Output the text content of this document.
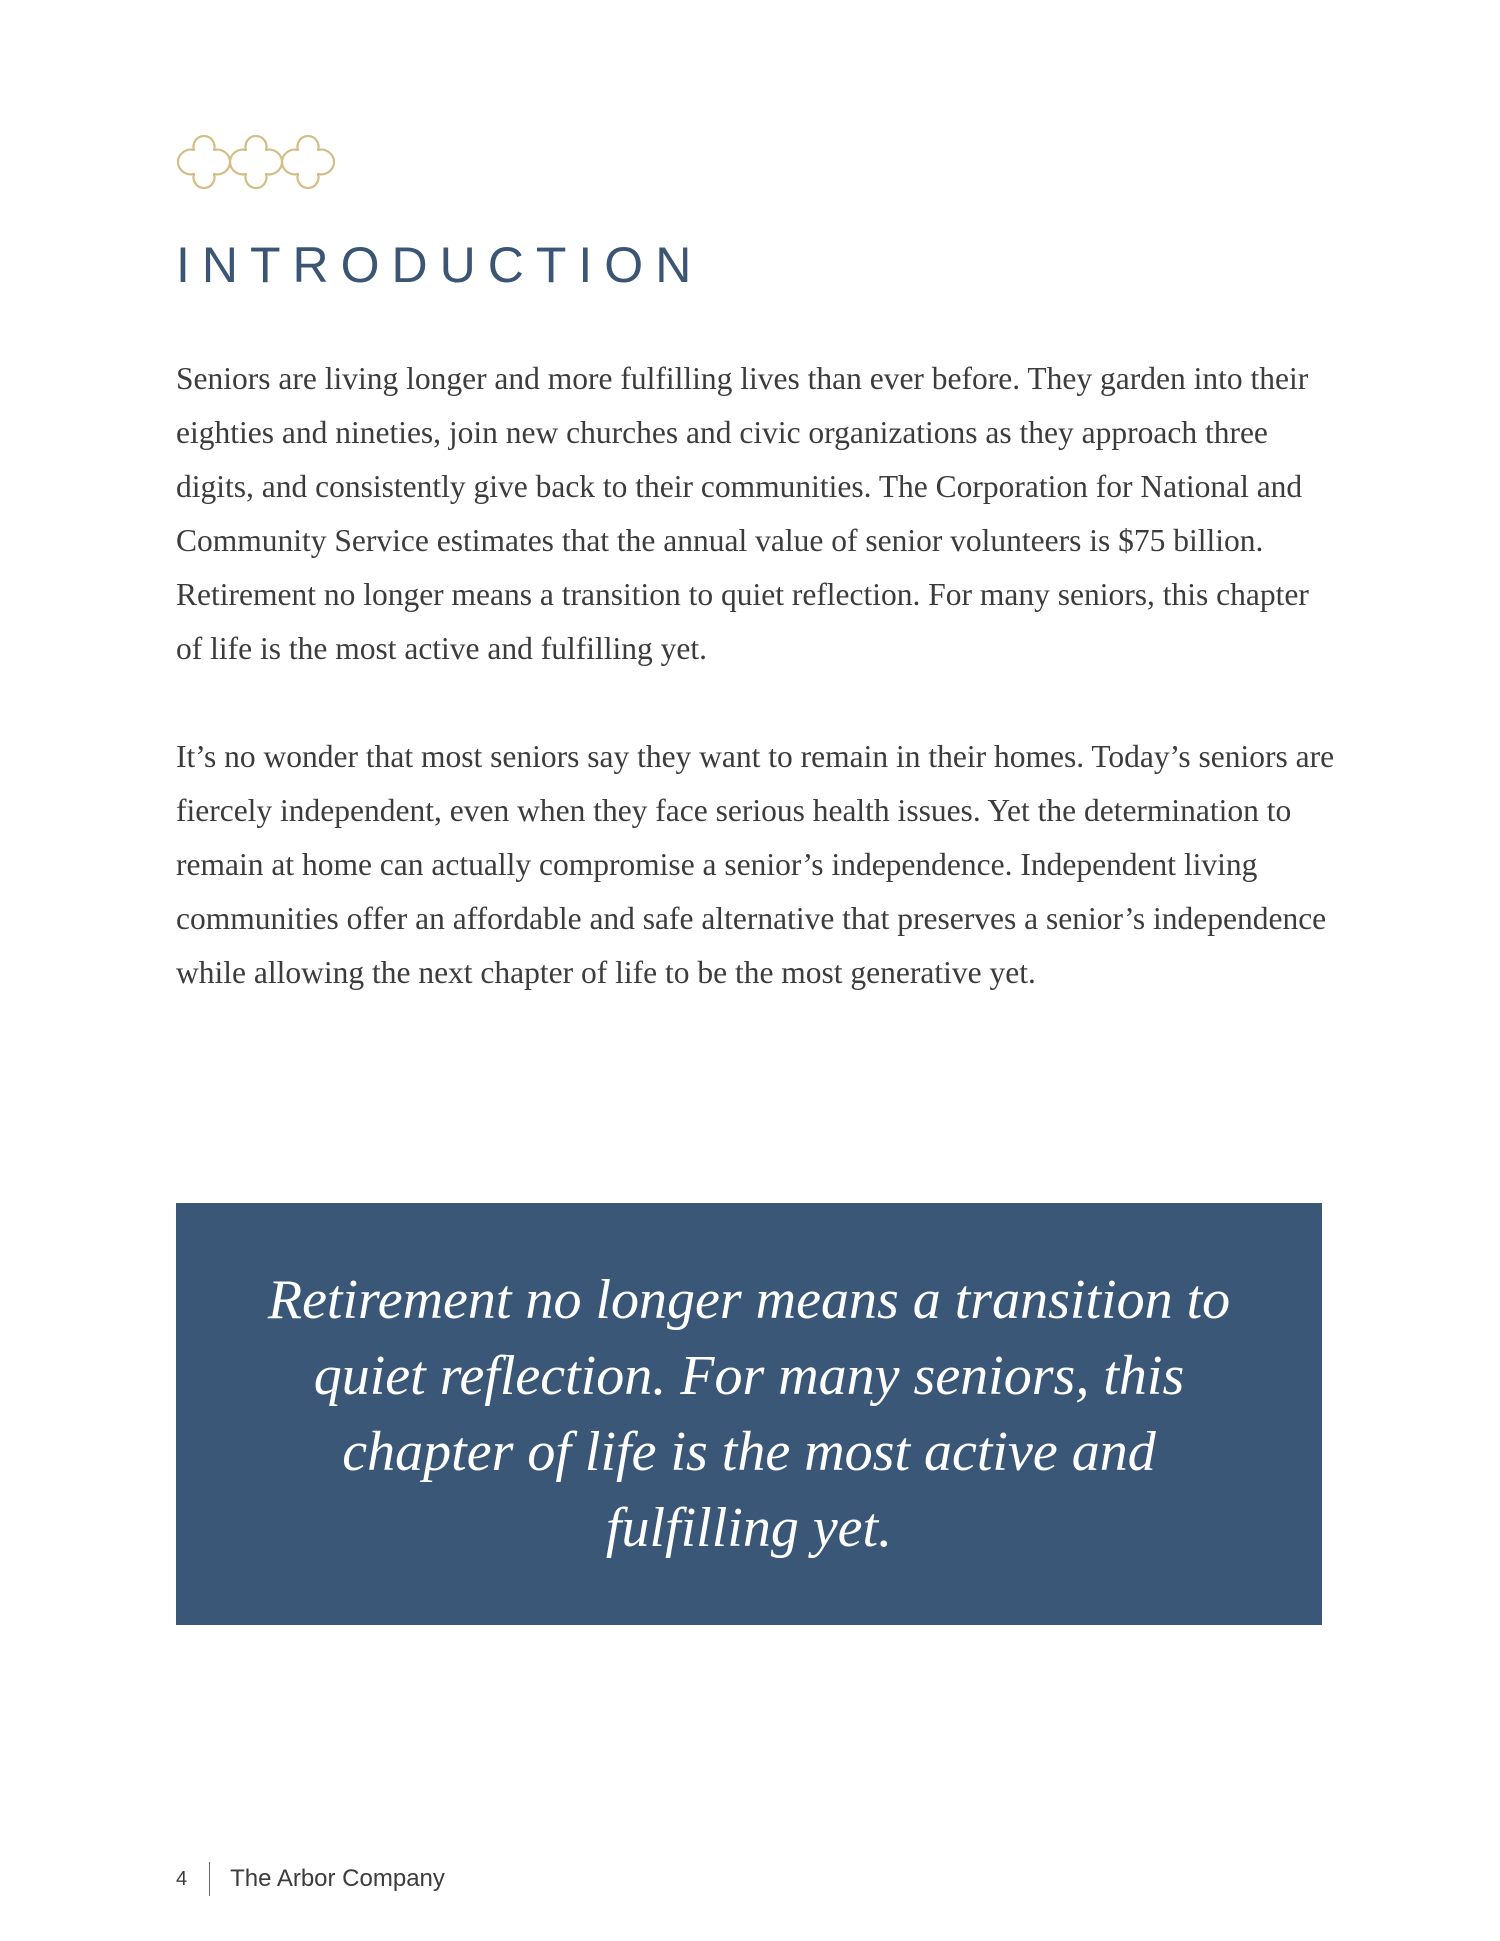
INTRODUCTION

Seniors are living longer and more fulfilling lives than ever before. They garden into their eighties and nineties, join new churches and civic organizations as they approach three digits, and consistently give back to their communities. The Corporation for National and Community Service estimates that the annual value of senior volunteers is $75 billion. Retirement no longer means a transition to quiet reflection. For many seniors, this chapter of life is the most active and fulfilling yet.

It’s no wonder that most seniors say they want to remain in their homes. Today’s seniors are fiercely independent, even when they face serious health issues. Yet the determination to remain at home can actually compromise a senior’s independence. Independent living communities offer an affordable and safe alternative that preserves a senior’s independence while allowing the next chapter of life to be the most generative yet.

Retirement no longer means a transition to quiet reflection. For many seniors, this chapter of life is the most active and fulfilling yet.

4 The Arbor Company
